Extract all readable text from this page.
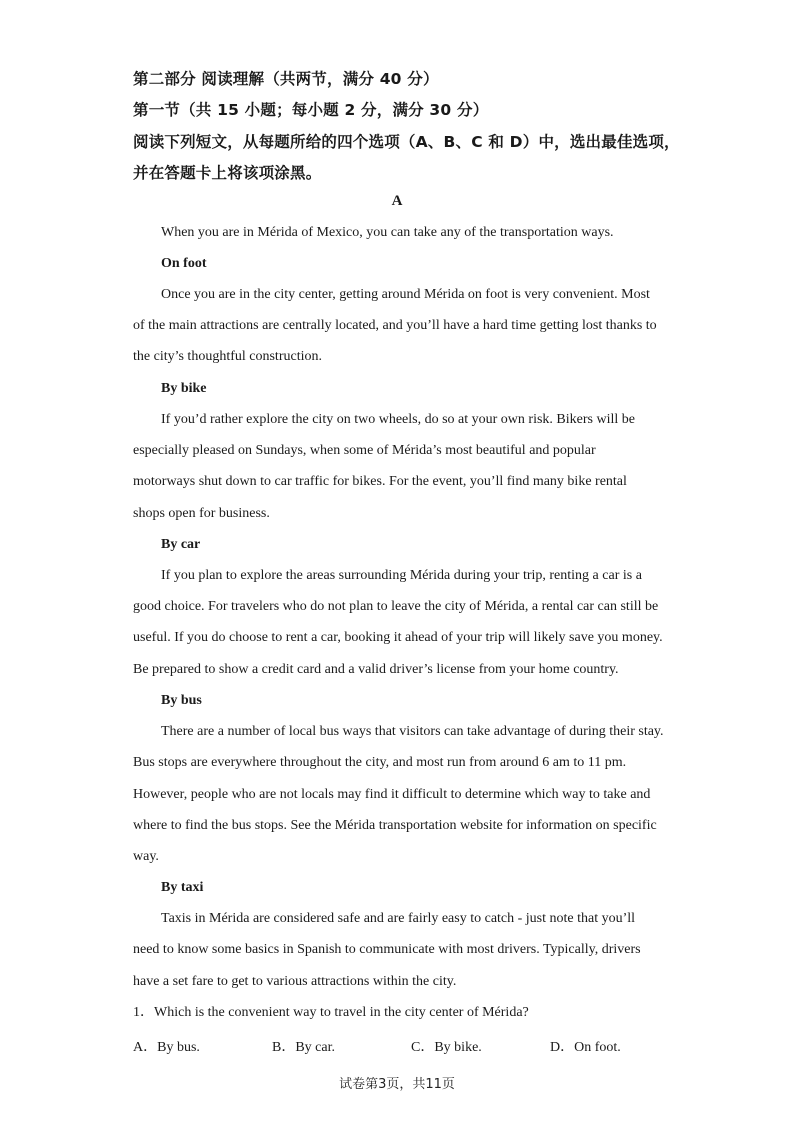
第二部分 阅读理解（共两节，满分 40 分）
第一节（共 15 小题；每小题 2 分，满分 30 分）
阅读下列短文，从每题所给的四个选项（A、B、C 和 D）中，选出最佳选项，
并在答题卡上将该项涂黑。
A
When you are in Mérida of Mexico, you can take any of the transportation ways.
On foot
Once you are in the city center, getting around Mérida on foot is very convenient. Most
of the main attractions are centrally located, and you’ll have a hard time getting lost thanks to
the city’s thoughtful construction.
By bike
If you’d rather explore the city on two wheels, do so at your own risk. Bikers will be
especially pleased on Sundays, when some of Mérida’s most beautiful and popular
motorways shut down to car traffic for bikes. For the event, you’ll find many bike rental
shops open for business.
By car
If you plan to explore the areas surrounding Mérida during your trip, renting a car is a
good choice. For travelers who do not plan to leave the city of Mérida, a rental car can still be
useful. If you do choose to rent a car, booking it ahead of your trip will likely save you money.
Be prepared to show a credit card and a valid driver’s license from your home country.
By bus
There are a number of local bus ways that visitors can take advantage of during their stay.
Bus stops are everywhere throughout the city, and most run from around 6 am to 11 pm.
However, people who are not locals may find it difficult to determine which way to take and
where to find the bus stops. See the Mérida transportation website for information on specific
way.
By taxi
Taxis in Mérida are considered safe and are fairly easy to catch - just note that you’ll
need to know some basics in Spanish to communicate with most drivers. Typically, drivers
have a set fare to get to various attractions within the city.
1．Which is the convenient way to travel in the city center of Mérida?
A．By bus.	B．By car.	C．By bike.	D．On foot.
试卷第3页，共11页
